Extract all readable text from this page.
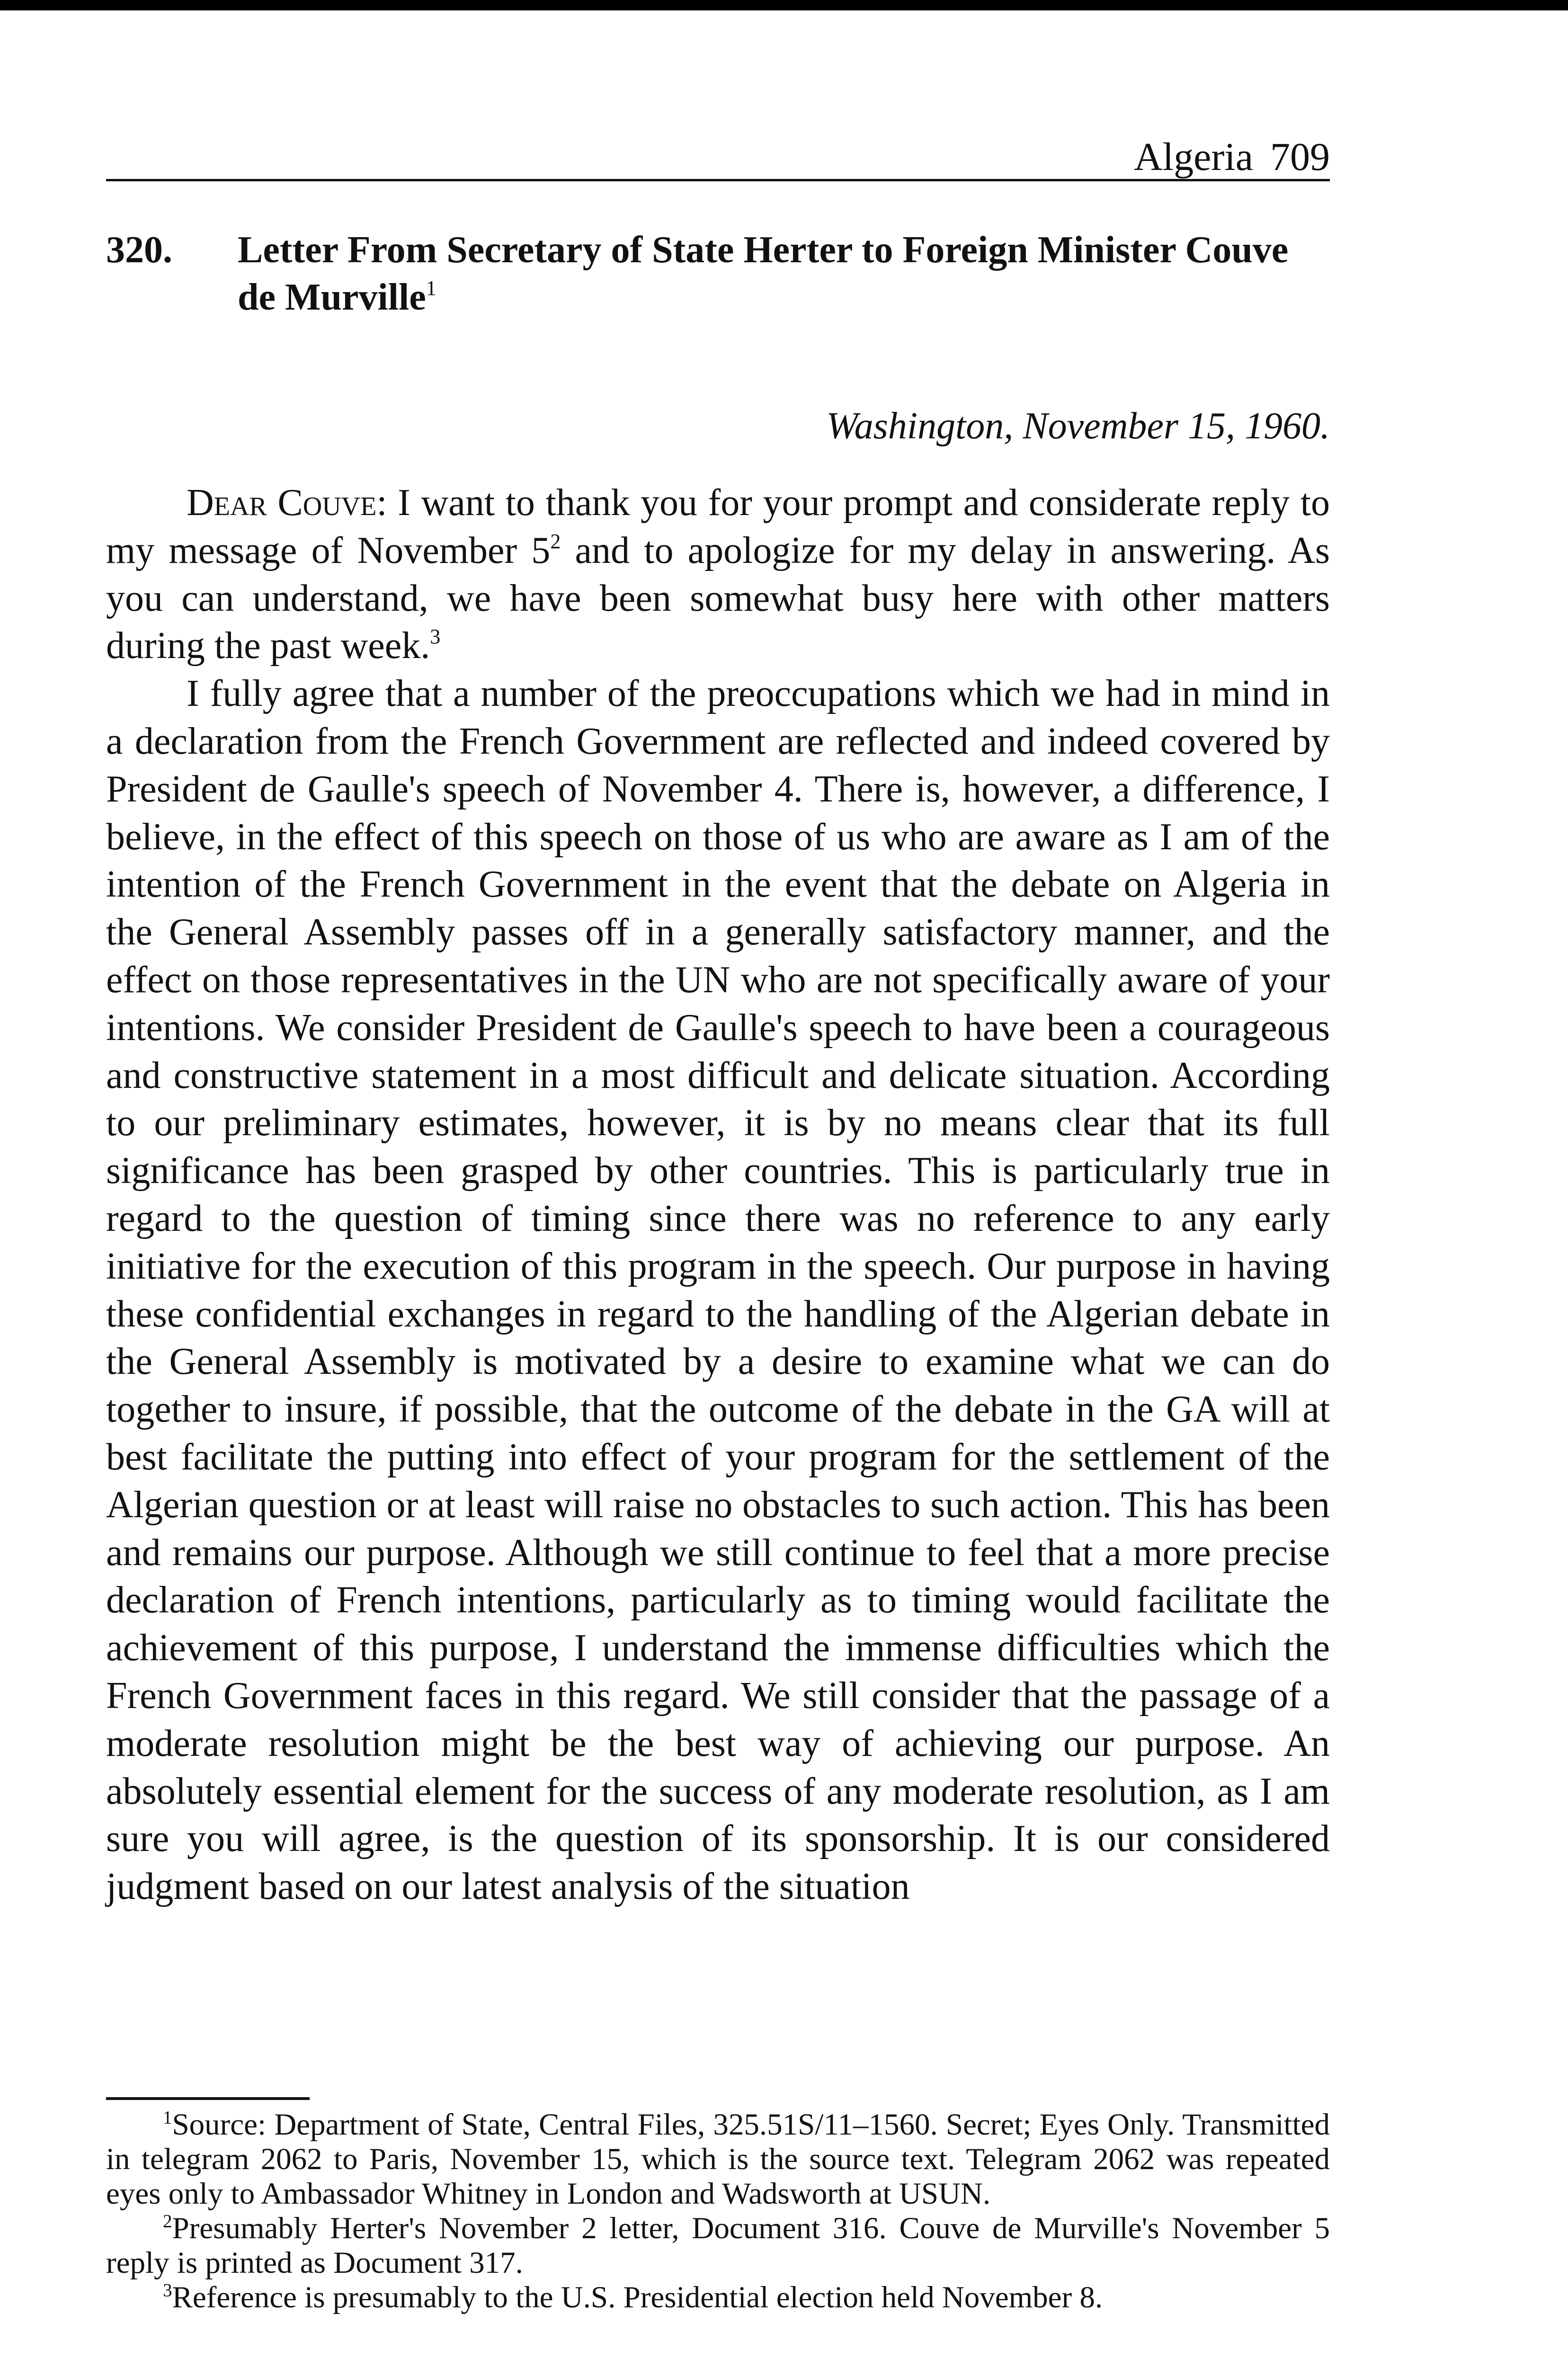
Algeria 709
320. Letter From Secretary of State Herter to Foreign Minister Couve de Murville$^1$
Washington, November 15, 1960.

Dear Couve: I want to thank you for your prompt and considerate reply to my message of November $5^2$ and to apologize for my delay in answering. As you can understand, we have been somewhat busy here with other matters during the past week.$^3$

I fully agree that a number of the preoccupations which we had in mind in a declaration from the French Government are reflected and indeed covered by President de Gaulle's speech of November 4. There is, however, a difference, I believe, in the effect of this speech on those of us who are aware as I am of the intention of the French Government in the event that the debate on Algeria in the General Assembly passes off in a generally satisfactory manner, and the effect on those representatives in the UN who are not specifically aware of your intentions. We consider President de Gaulle's speech to have been a courageous and constructive statement in a most difficult and delicate situation. According to our preliminary estimates, however, it is by no means clear that its full significance has been grasped by other countries. This is particularly true in regard to the question of timing since there was no reference to any early initiative for the execution of this program in the speech. Our purpose in having these confidential exchanges in regard to the handling of the Algerian debate in the General Assembly is motivated by a desire to examine what we can do together to insure, if possible, that the outcome of the debate in the GA will at best facilitate the putting into effect of your program for the settlement of the Algerian question or at least will raise no obstacles to such action. This has been and remains our purpose. Although we still continue to feel that a more precise declaration of French intentions, particularly as to timing would facilitate the achievement of this purpose, I understand the immense difficulties which the French Government faces in this regard. We still consider that the passage of a moderate resolution might be the best way of achieving our purpose. An absolutely essential element for the success of any moderate resolution, as I am sure you will agree, is the question of its sponsorship. It is our considered judgment based on our latest analysis of the situation

$^1$Source: Department of State, Central Files, 325.51S/11–1560. Secret; Eyes Only. Transmitted in telegram 2062 to Paris, November 15, which is the source text. Telegram 2062 was repeated eyes only to Ambassador Whitney in London and Wadsworth at USUN.

$^2$Presumably Herter's November 2 letter, Document 316. Couve de Murville's November 5 reply is printed as Document 317.

$^3$Reference is presumably to the U.S. Presidential election held November 8.
